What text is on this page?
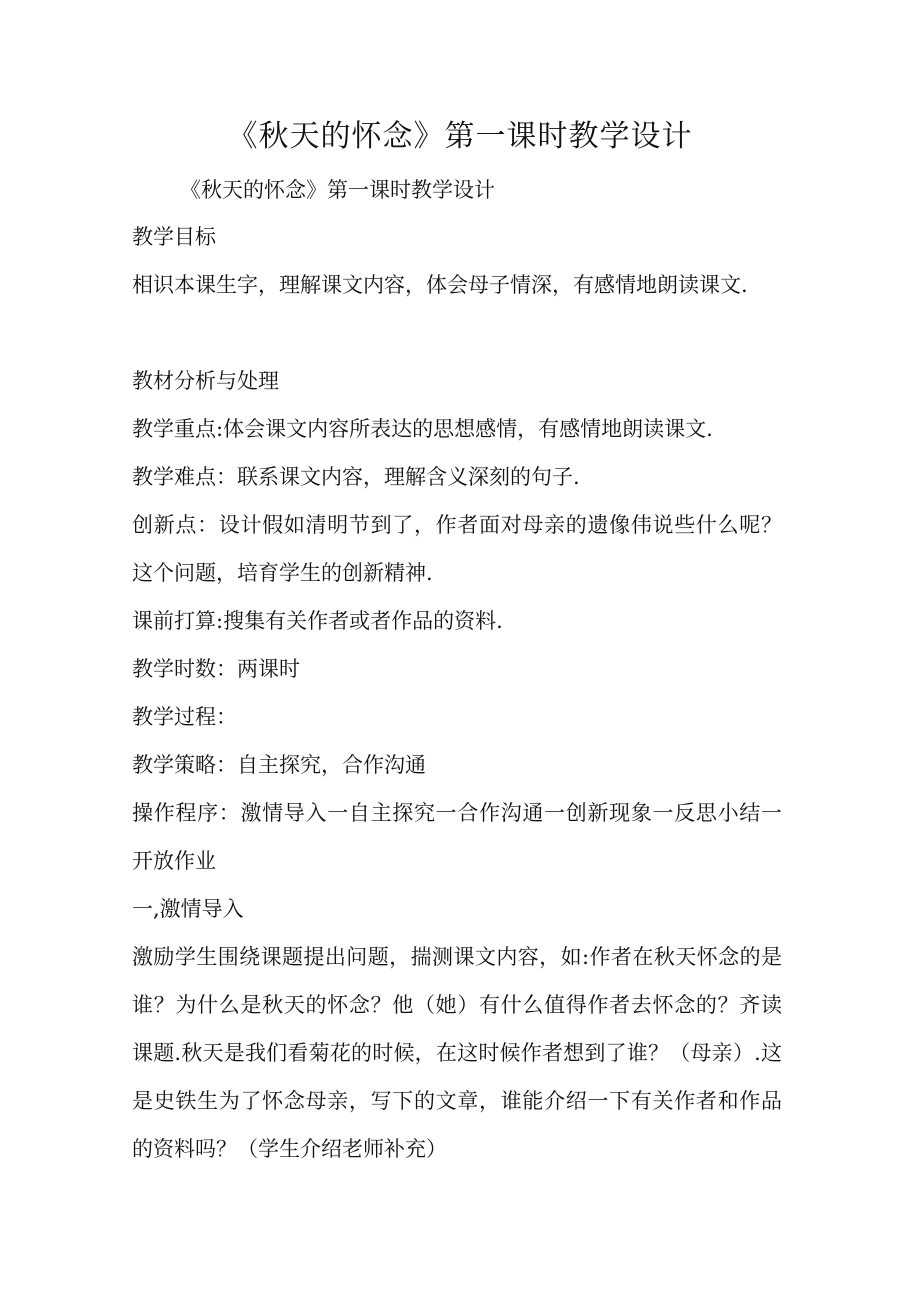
《秋天的怀念》第一课时教学设计
《秋天的怀念》第一课时教学设计

教学目标

相识本课生字，理解课文内容，体会母子情深，有感情地朗读课文.

教材分析与处理

教学重点:体会课文内容所表达的思想感情，有感情地朗读课文.

教学难点：联系课文内容，理解含义深刻的句子.

创新点：设计假如清明节到了，作者面对母亲的遗像伟说些什么呢？这个问题，培育学生的创新精神.

课前打算:搜集有关作者或者作品的资料.

教学时数：两课时

教学过程：

教学策略：自主探究，合作沟通

操作程序：激情导入一自主探究一合作沟通一创新现象一反思小结一开放作业

一,激情导入

激励学生围绕课题提出问题，揣测课文内容，如:作者在秋天怀念的是谁？为什么是秋天的怀念？他（她）有什么值得作者去怀念的？齐读课题.秋天是我们看菊花的时候，在这时候作者想到了谁？（母亲）.这是史铁生为了怀念母亲，写下的文章，谁能介绍一下有关作者和作品的资料吗？（学生介绍老师补充）
